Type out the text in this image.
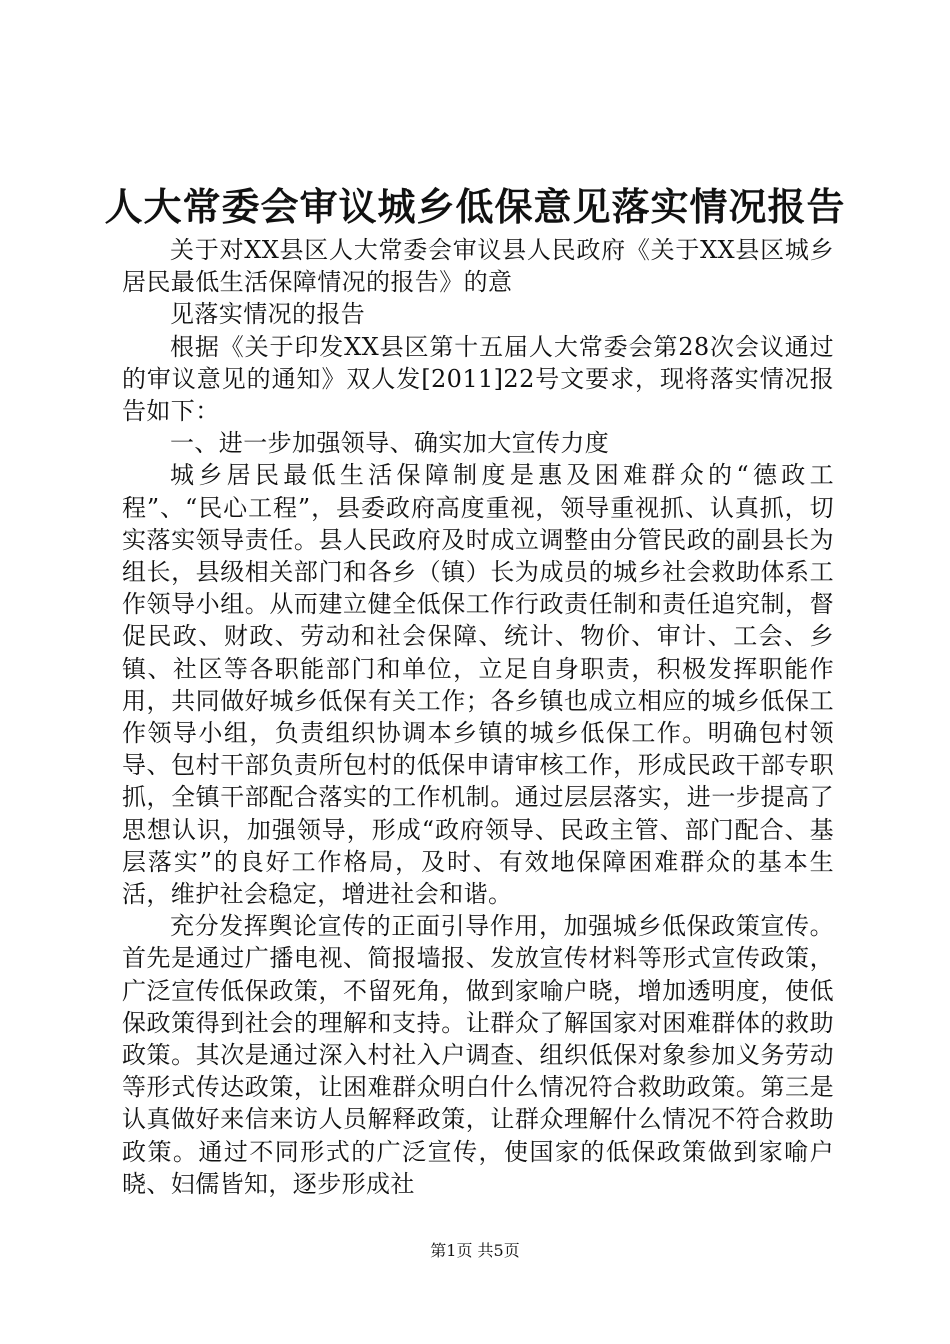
人大常委会审议城乡低保意见落实情况报告

关于对XX县区人大常委会审议县人民政府《关于XX县区城乡居民最低生活保障情况的报告》的意

见落实情况的报告

根据《关于印发XX县区第十五届人大常委会第28次会议通过的审议意见的通知》双人发[2011]22号文要求，现将落实情况报告如下：

一、进一步加强领导、确实加大宣传力度

城乡居民最低生活保障制度是惠及困难群众的“德政工程”、“民心工程”，县委政府高度重视，领导重视抓、认真抓，切实落实领导责任。县人民政府及时成立调整由分管民政的副县长为组长，县级相关部门和各乡（镇）长为成员的城乡社会救助体系工作领导小组。从而建立健全低保工作行政责任制和责任追究制，督促民政、财政、劳动和社会保障、统计、物价、审计、工会、乡镇、社区等各职能部门和单位，立足自身职责，积极发挥职能作用，共同做好城乡低保有关工作；各乡镇也成立相应的城乡低保工作领导小组，负责组织协调本乡镇的城乡低保工作。明确包村领导、包村干部负责所包村的低保申请审核工作，形成民政干部专职抓，全镇干部配合落实的工作机制。通过层层落实，进一步提高了思想认识，加强领导，形成“政府领导、民政主管、部门配合、基层落实”的良好工作格局，及时、有效地保障困难群众的基本生活，维护社会稳定，增进社会和谐。

充分发挥舆论宣传的正面引导作用，加强城乡低保政策宣传。首先是通过广播电视、简报墙报、发放宣传材料等形式宣传政策，广泛宣传低保政策，不留死角，做到家喻户晓，增加透明度，使低保政策得到社会的理解和支持。让群众了解国家对困难群体的救助政策。其次是通过深入村社入户调查、组织低保对象参加义务劳动等形式传达政策，让困难群众明白什么情况符合救助政策。第三是认真做好来信来访人员解释政策，让群众理解什么情况不符合救助政策。通过不同形式的广泛宣传，使国家的低保政策做到家喻户晓、妇儒皆知，逐步形成社

第1页 共5页
